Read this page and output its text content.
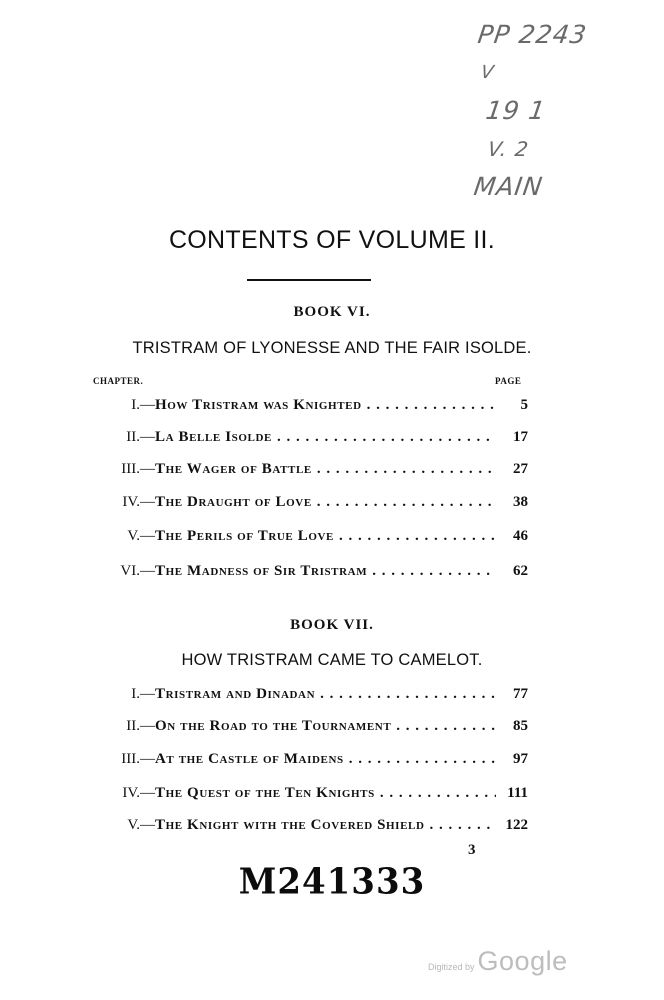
PP 2243
V
19 1
V. 2
MAIN
CONTENTS OF VOLUME II.
BOOK VI.
TRISTRAM OF LYONESSE AND THE FAIR ISOLDE.
CHAPTER.	PAGE
I. — How Tristram was Knighted . . .	5
II. — La Belle Isolde . . .	17
III. — The Wager of Battle . . .	27
IV. — The Draught of Love . . .	38
V. — The Perils of True Love . . .	46
VI. — The Madness of Sir Tristram . . .	62
BOOK VII.
HOW TRISTRAM CAME TO CAMELOT.
I. — Tristram and Dinadan . . .	77
II. — On the Road to the Tournament . . .	85
III. — At the Castle of Maidens . . .	97
IV. — The Quest of the Ten Knights . . .	111
V. — The Knight with the Covered Shield . . .	122
3
M241333
Digitized by Google
